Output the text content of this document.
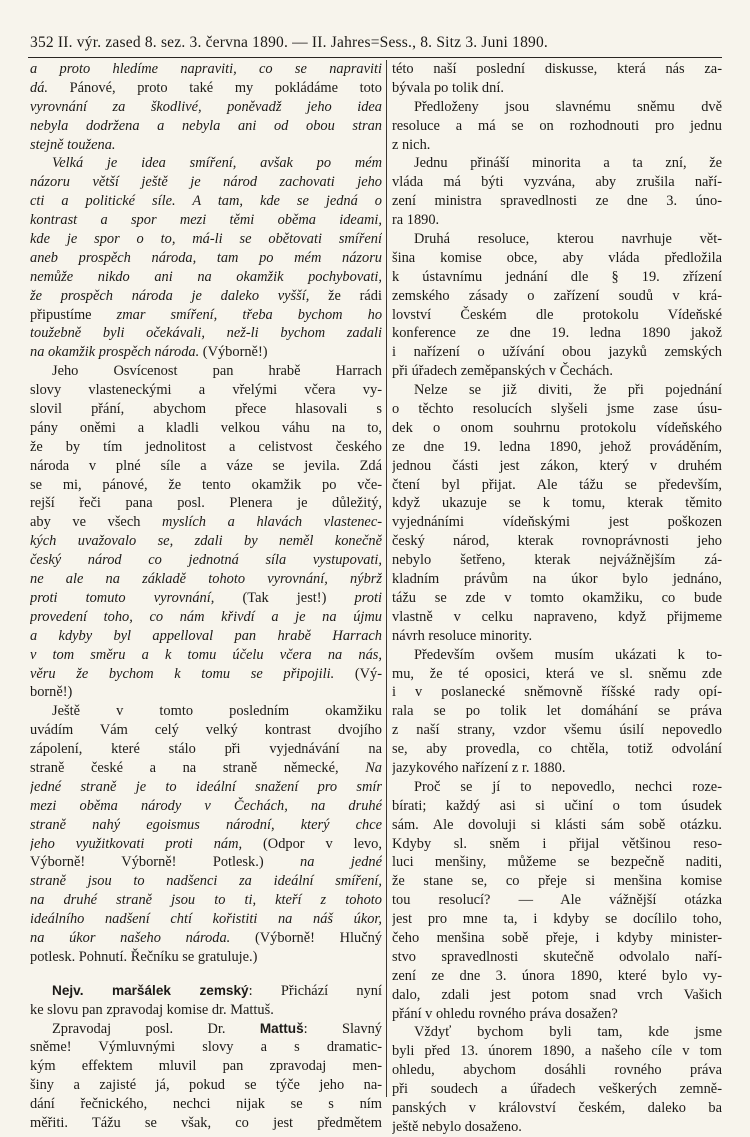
352 II. výr. zased 8. sez. 3. června 1890. — II. Jahres=Sess., 8. Sitz 3. Juni 1890.
a proto hledíme napraviti, co se napraviti
dá. Pánové, proto také my pokládáme toto
vyrovnání za škodlivé, poněvadž jeho idea
nebyla dodržena a nebyla ani od obou stran
stejně toužena.
Velká je idea smíření, avšak po mém
názoru větší ještě je národ zachovati jeho
cti a politické síle. A tam, kde se jedná o
kontrast a spor mezi těmi oběma ideami,
kde je spor o to, má-li se obětovati smíření
aneb prospěch národa, tam po mém názoru
nemůže nikdo ani na okamžik pochybovati,
že prospěch národa je daleko vyšší, že rádi
připustíme zmar smíření, třeba bychom ho
toužebně byli očekávali, než-li bychom zadali
na okamžik prospěch národa. (Výborně!)
Jeho Osvícenost pan hrabě Harrach
slovy vlasteneckými a vřelými včera vy-
slovil přání, abychom přece hlasovali s
pány oněmi a kladli velkou váhu na to,
že by tím jednolitost a celistvost českého
národa v plné síle a váze se jevila. Zdá
se mi, pánové, že tento okamžik po vče-
rejší řeči pana posl. Plenera je důležitý,
aby ve všech myslích a hlavách vlastenec-
kých uvažovalo se, zdali by neměl konečně
český národ co jednotná síla vystupovati,
ne ale na základě tohoto vyrovnání, nýbrž
proti tomuto vyrovnání, (Tak jest!) proti
provedení toho, co nám křivdí a je na újmu
a kdyby byl appelloval pan hrabě Harrach
v tom směru a k tomu účelu včera na nás,
věru že bychom k tomu se připojili. (Vý-
borně!)
Ještě v tomto posledním okamžiku
uvádím Vám celý velký kontrast dvojího
zápolení, které stálo při vyjednávání na
straně české a na straně německé, Na
jedné straně je to ideální snažení pro smír
mezi oběma národy v Čechách, na druhé
straně nahý egoismus národní, který chce
jeho využitkovati proti nám, (Odpor v levo,
Výborně! Výborně! Potlesk.) na jedné
straně jsou to nadšenci za ideální smíření,
na druhé straně jsou to ti, kteří z tohoto
ideálního nadšení chtí kořistiti na náš úkor,
na úkor našeho národa. (Výborně! Hlučný
potlesk. Pohnutí. Řečníku se gratuluje.)
Nejv. maršálek zemský: Přichází nyní
ke slovu pan zpravodaj komise dr. Mattuš.
Zpravodaj posl. Dr. Mattuš: Slavný
sněme! Výmluvnými slovy a s dramatic-
kým effektem mluvil pan zpravodaj men-
šiny a zajisté já, pokud se týče jeho na-
dání řečnického, nechci nijak se s ním
měřiti. Tážu se však, co jest předmětem
této naší poslední diskusse, která nás za-
bývala po tolik dní.
Předloženy jsou slavnému sněmu dvě
resoluce a má se on rozhodnouti pro jednu
z nich.
Jednu přináší minorita a ta zní, že
vláda má býti vyzvána, aby zrušila naří-
zení ministra spravedlnosti ze dne 3. úno-
ra 1890.
Druhá resoluce, kterou navrhuje vět-
šina komise obce, aby vláda předložila
k ústavnímu jednání dle § 19. zřízení
zemského zásady o zařízení soudů v krá-
lovství Českém dle protokolu Vídeňské
konference ze dne 19. ledna 1890 jakož
i nařízení o užívání obou jazyků zemských
při úřadech zeměpanských v Čechách.
Nelze se již diviti, že při pojednání
o těchto resolucích slyšeli jsme zase úsu-
dek o onom souhrnu protokolu vídeňského
ze dne 19. ledna 1890, jehož prováděním,
jednou části jest zákon, který v druhém
čtení byl přijat. Ale tážu se především,
když ukazuje se k tomu, kterak těmito
vyjednáními vídeňskými jest poškozen
český národ, kterak rovnoprávnosti jeho
nebylo šetřeno, kterak nejvážnějším zá-
kladním právům na úkor bylo jednáno,
tážu se zde v tomto okamžiku, co bude
vlastně v celku napraveno, když přijmeme
návrh resoluce minority.
Především ovšem musím ukázati k to-
mu, že té oposici, která ve sl. sněmu zde
i v poslanecké sněmovně říšské rady opí-
rala se po tolik let domáhání se práva
z naší strany, vzdor všemu úsilí nepovedlo
se, aby provedla, co chtěla, totiž odvolání
jazykového nařízení z r. 1880.
Proč se jí to nepovedlo, nechci roze-
bírati; každý asi si učiní o tom úsudek
sám. Ale dovoluji si klásti sám sobě otázku.
Kdyby sl. sněm i přijal většinou reso-
luci menšiny, můžeme se bezpečně naditi,
že stane se, co přeje si menšina komise
tou resolucí? — Ale vážnější otázka
jest pro mne ta, i kdyby se docílilo toho,
čeho menšina sobě přeje, i kdyby minister-
stvo spravedlnosti skutečně odvolalo naří-
zení ze dne 3. února 1890, které bylo vy-
dalo, zdali jest potom snad vrch Vašich
přání v ohledu rovného práva dosažen?
Vždyť bychom byli tam, kde jsme
byli před 13. únorem 1890, a našeho cíle v tom
ohledu, abychom dosáhli rovného práva
při soudech a úřadech veškerých zemně-
panských v království českém, daleko ba
ještě nebylo dosaženo.
